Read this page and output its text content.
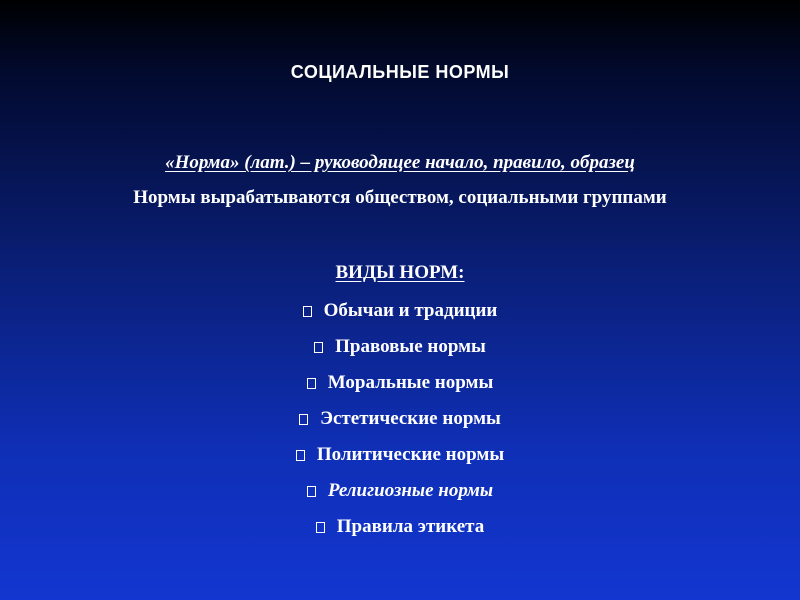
СОЦИАЛЬНЫЕ НОРМЫ
«Норма» (лат.) – руководящее начало, правило, образец
Нормы вырабатываются обществом, социальными группами
ВИДЫ НОРМ:
Обычаи и традиции
Правовые нормы
Моральные нормы
Эстетические нормы
Политические нормы
Религиозные нормы
Правила этикета
